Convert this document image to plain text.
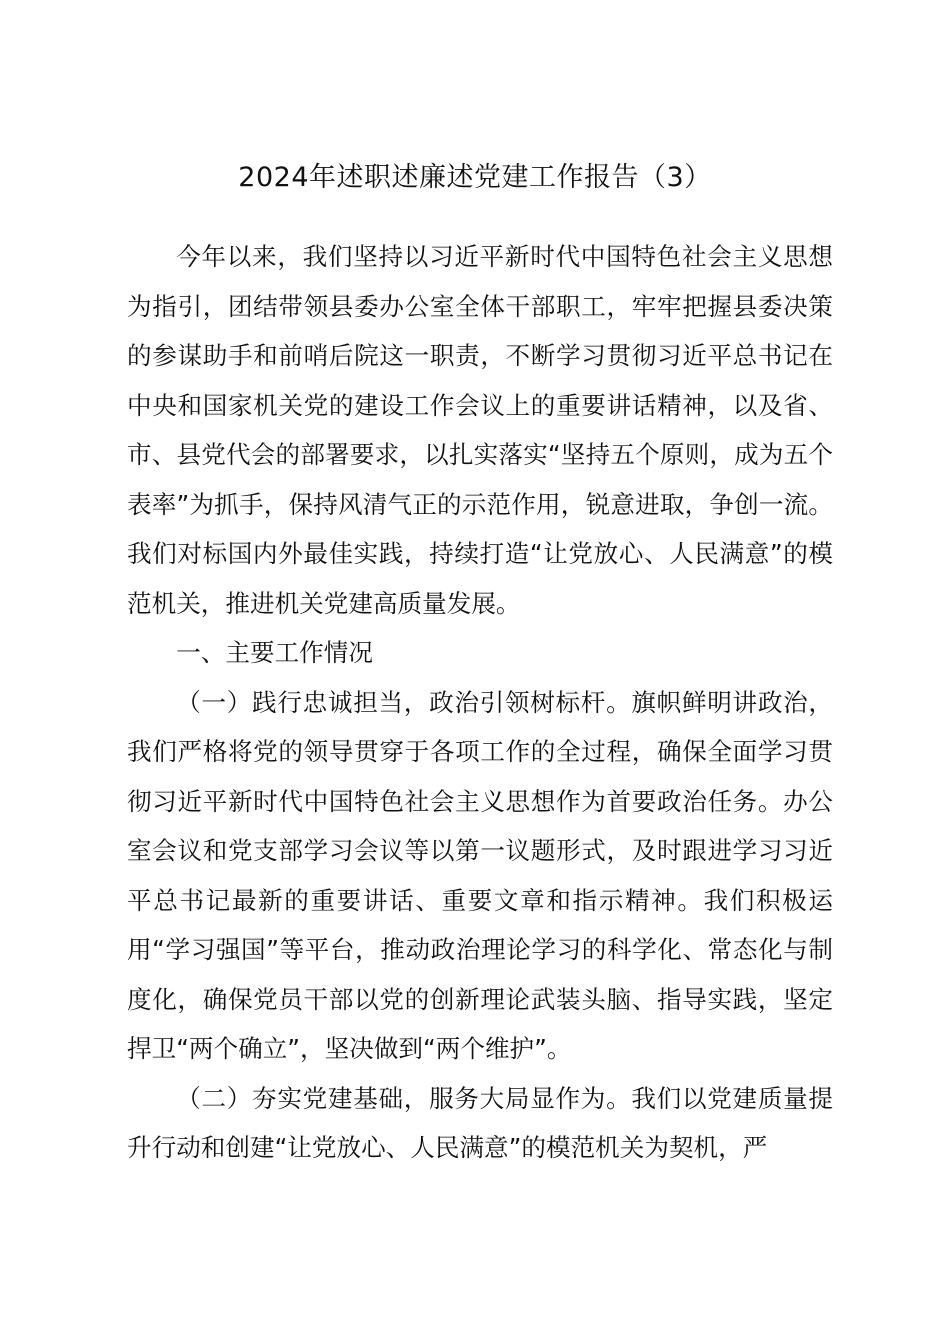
2024年述职述廉述党建工作报告（3）

今年以来，我们坚持以习近平新时代中国特色社会主义思想为指引，团结带领县委办公室全体干部职工，牢牢把握县委决策的参谋助手和前哨后院这一职责，不断学习贯彻习近平总书记在中央和国家机关党的建设工作会议上的重要讲话精神，以及省、市、县党代会的部署要求，以扎实落实“坚持五个原则，成为五个表率”为抓手，保持风清气正的示范作用，锐意进取，争创一流。我们对标国内外最佳实践，持续打造“让党放心、人民满意”的模范机关，推进机关党建高质量发展。

一、主要工作情况

（一）践行忠诚担当，政治引领树标杆。旗帜鲜明讲政治，我们严格将党的领导贯穿于各项工作的全过程，确保全面学习贯彻习近平新时代中国特色社会主义思想作为首要政治任务。办公室会议和党支部学习会议等以第一议题形式，及时跟进学习习近平总书记最新的重要讲话、重要文章和指示精神。我们积极运用“学习强国”等平台，推动政治理论学习的科学化、常态化与制度化，确保党员干部以党的创新理论武装头脑、指导实践，坚定捍卫“两个确立”，坚决做到“两个维护”。

（二）夯实党建基础，服务大局显作为。我们以党建质量提升行动和创建“让党放心、人民满意”的模范机关为契机，严
